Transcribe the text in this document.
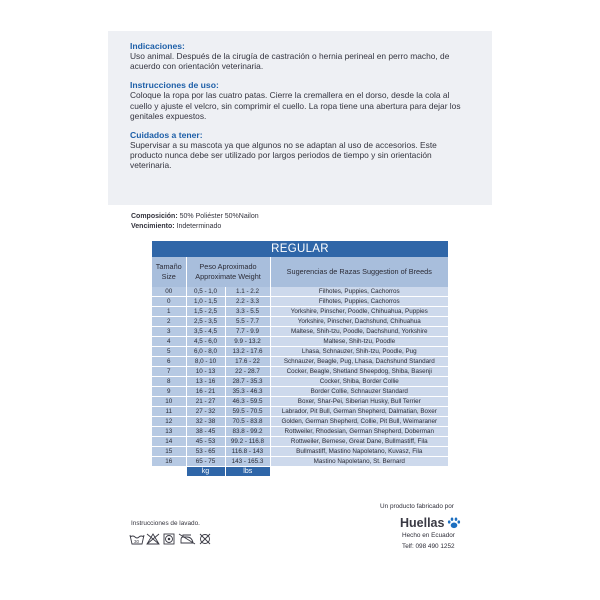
Indicaciones:
Uso animal. Después de la cirugía de castración o hernia perineal en perro macho, de acuerdo con orientación veterinaria.
Instrucciones de uso:
Coloque la ropa por las cuatro patas. Cierre la cremallera en el dorso, desde la cola al cuello y ajuste el velcro, sin comprimir el cuello. La ropa tiene una abertura para dejar los genitales expuestos.
Cuidados a tener:
Supervisar a su mascota ya que algunos no se adaptan al uso de accesorios. Este producto nunca debe ser utilizado por largos periodos de tiempo y sin orientación veterinaria.
Composición: 50% Poliéster 50%Nailon
Vencimiento: Indeterminado
REGULAR
Tamaño Size	Peso Aproximado Approximate Weight		Sugerencias de Razas Suggestion of Breeds
00	0,5 - 1,0	1.1 - 2.2	Filhotes, Puppies, Cachorros
0	1,0 - 1,5	2.2 - 3.3	Filhotes, Puppies, Cachorros
1	1,5 - 2,5	3.3 - 5.5	Yorkshire, Pinscher, Poodle, Chihuahua, Puppies
2	2,5 - 3,5	5.5 - 7.7	Yorkshire, Pinscher, Dachshund, Chihuahua
3	3,5 - 4,5	7.7 - 9.9	Maltese, Shih-tzu, Poodle, Dachshund, Yorkshire
4	4,5 - 6,0	9.9 - 13.2	Maltese, Shih-tzu, Poodle
5	6,0 - 8,0	13.2 - 17.6	Lhasa, Schnauzer, Shih-tzu, Poodle, Pug
6	8,0 - 10	17.6 - 22	Schnauzer, Beagle, Pug, Lhasa, Dachshund Standard
7	10 - 13	22 - 28.7	Cocker, Beagle, Shetland Sheepdog, Shiba, Basenji
8	13 - 16	28.7 - 35.3	Cocker, Shiba, Border Collie
9	16 - 21	35.3 - 46.3	Border Collie, Schnauzer Standard
10	21 - 27	46.3 - 59.5	Boxer, Shar-Pei, Siberian Husky, Bull Terrier
11	27 - 32	59.5 - 70.5	Labrador, Pit Bull, German Shepherd, Dalmatian, Boxer
12	32 - 38	70.5 - 83.8	Golden, German Shepherd, Collie, Pit Bull, Weimaraner
13	38 - 45	83.8 - 99.2	Rottweiler, Rhodesian, German Shepherd, Doberman
14	45 - 53	99.2 - 116.8	Rottweiler, Bernese, Great Dane, Bullmastiff, Fila
15	53 - 65	116.8 - 143	Bullmastiff, Mastino Napoletano, Kuvasz, Fila
16	65 - 75	143 - 165.3	Mastino Napoletano, St. Bernard
	kg	lbs	
Instrucciones de lavado.
30
Un producto fabricado por
Huellas
Hecho en Ecuador
Telf: 098 490 1252
